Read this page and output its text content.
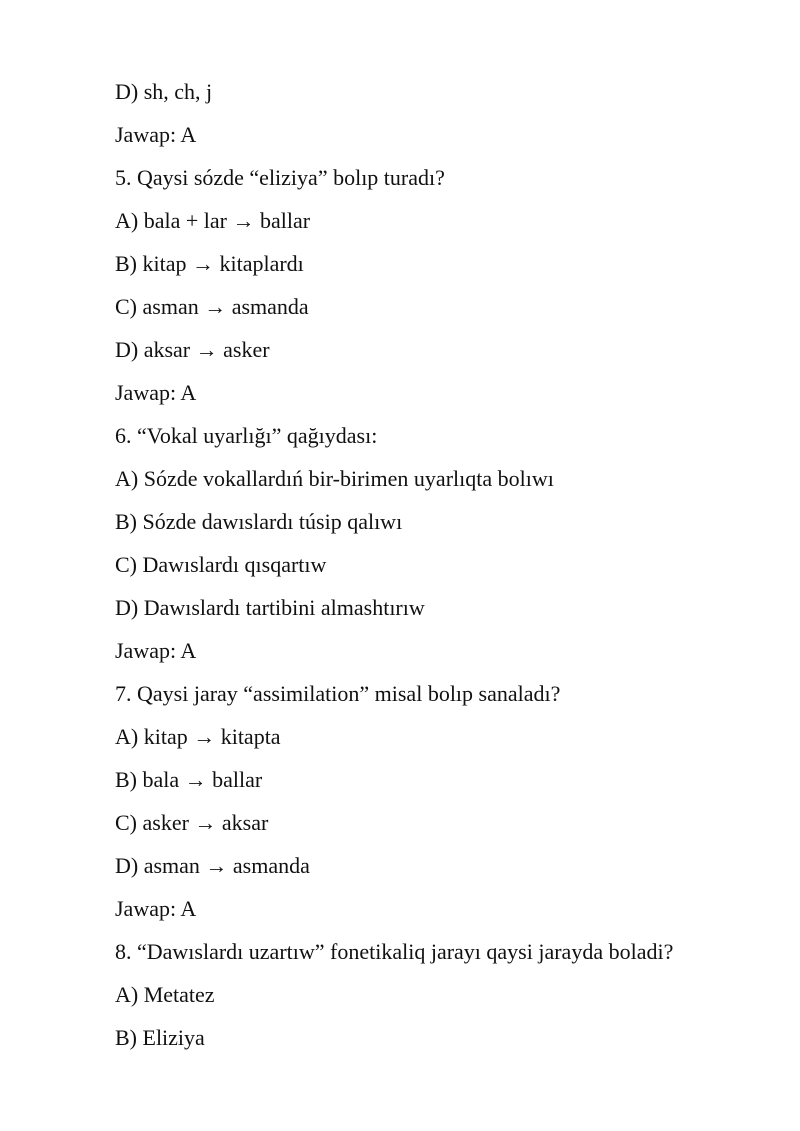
D) sh, ch, j
Jawap: A
5. Qaysi sózde “eliziya” bolıp turadı?
A) bala + lar → ballar
B) kitap → kitaplardı
C) asman → asmanda
D) aksar → asker
Jawap: A
6. “Vokal uyarlığı” qağıydası:
A) Sózde vokallardıń bir-birimen uyarlıqta bolıwı
B) Sózde dawıslardı túsip qalıwı
C) Dawıslardı qısqartıw
D) Dawıslardı tartibini almashtırıw
Jawap: A
7. Qaysi jaray “assimilation” misal bolıp sanaladı?
A) kitap → kitapta
B) bala → ballar
C) asker → aksar
D) asman → asmanda
Jawap: A
8. “Dawıslardı uzartıw” fonetikaliq jarayı qaysi jarayda boladi?
A) Metatez
B) Eliziya
